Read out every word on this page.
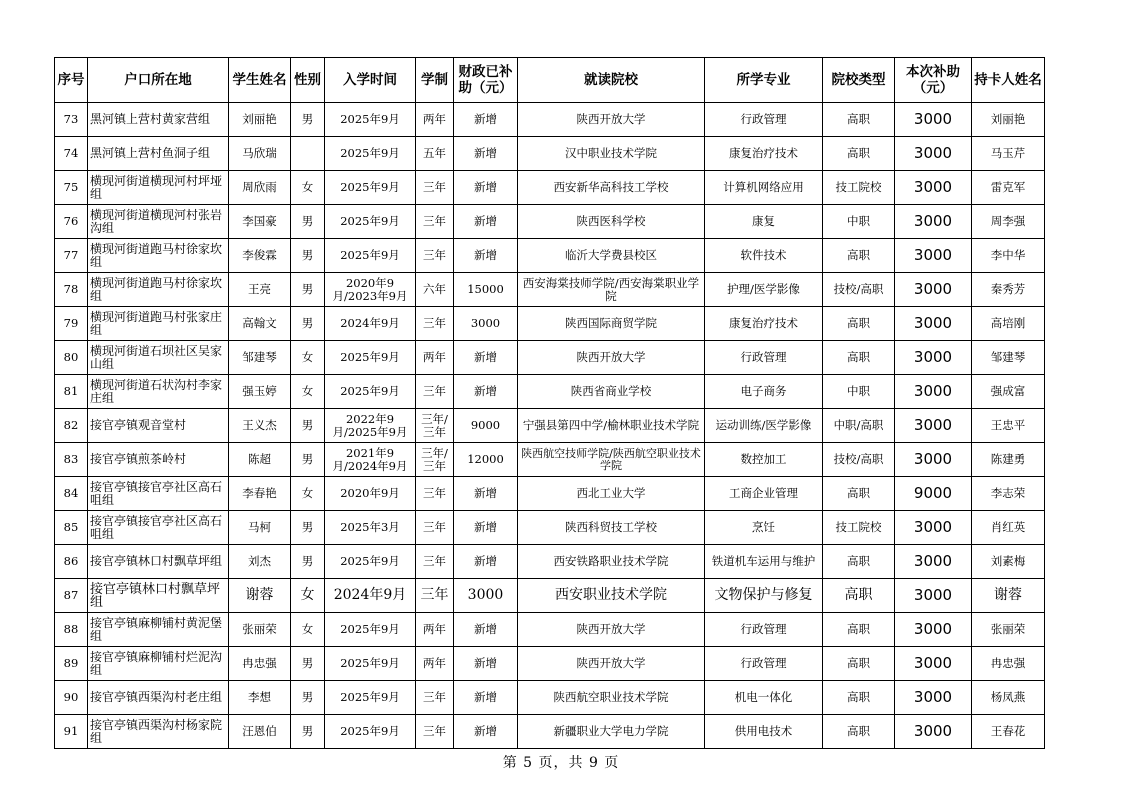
序号	户口所在地	学生姓名	性别	入学时间	学制	财政已补助（元）	就读院校	所学专业	院校类型	本次补助（元）	持卡人姓名
73	黑河镇上营村黄家营组	刘丽艳	男	2025年9月	两年	新增	陕西开放大学	行政管理	高职	3000	刘丽艳
74	黑河镇上营村鱼洞子组	马欣瑞		2025年9月	五年	新增	汉中职业技术学院	康复治疗技术	高职	3000	马玉芹
75	横现河街道横现河村坪垭组	周欣雨	女	2025年9月	三年	新增	西安新华高科技工学校	计算机网络应用	技工院校	3000	雷克军
76	横现河街道横现河村张岩沟组	李国豪	男	2025年9月	三年	新增	陕西医科学校	康复	中职	3000	周李强
77	横现河街道跑马村徐家坎组	李俊霖	男	2025年9月	三年	新增	临沂大学费县校区	软件技术	高职	3000	李中华
78	横现河街道跑马村徐家坎组	王亮	男	2020年9月/2023年9月	六年	15000	西安海棠技师学院/西安海棠职业学院	护理/医学影像	技校/高职	3000	秦秀芳
79	横现河街道跑马村张家庄组	高翰文	男	2024年9月	三年	3000	陕西国际商贸学院	康复治疗技术	高职	3000	高培刚
80	横现河街道石坝社区吴家山组	邹建琴	女	2025年9月	两年	新增	陕西开放大学	行政管理	高职	3000	邹建琴
81	横现河街道石状沟村李家庄组	强玉婷	女	2025年9月	三年	新增	陕西省商业学校	电子商务	中职	3000	强成富
82	接官亭镇观音堂村	王义杰	男	2022年9月/2025年9月	三年/三年	9000	宁强县第四中学/榆林职业技术学院	运动训练/医学影像	中职/高职	3000	王忠平
83	接官亭镇煎茶岭村	陈超	男	2021年9月/2024年9月	三年/三年	12000	陕西航空技师学院/陕西航空职业技术学院	数控加工	技校/高职	3000	陈建勇
84	接官亭镇接官亭社区高石咀组	李春艳	女	2020年9月	三年	新增	西北工业大学	工商企业管理	高职	9000	李志荣
85	接官亭镇接官亭社区高石咀组	马柯	男	2025年3月	三年	新增	陕西科贸技工学校	烹饪	技工院校	3000	肖红英
86	接官亭镇林口村飘草坪组	刘杰	男	2025年9月	三年	新增	西安铁路职业技术学院	铁道机车运用与维护	高职	3000	刘素梅
87	接官亭镇林口村飘草坪组	谢蓉	女	2024年9月	三年	3000	西安职业技术学院	文物保护与修复	高职	3000	谢蓉
88	接官亭镇麻柳铺村黄泥堡组	张丽荣	女	2025年9月	两年	新增	陕西开放大学	行政管理	高职	3000	张丽荣
89	接官亭镇麻柳铺村烂泥沟组	冉忠强	男	2025年9月	两年	新增	陕西开放大学	行政管理	高职	3000	冉忠强
90	接官亭镇西渠沟村老庄组	李想	男	2025年9月	三年	新增	陕西航空职业技术学院	机电一体化	高职	3000	杨凤燕
91	接官亭镇西渠沟村杨家院组	汪恩伯	男	2025年9月	三年	新增	新疆职业大学电力学院	供用电技术	高职	3000	王春花
第 5 页，共 9 页
